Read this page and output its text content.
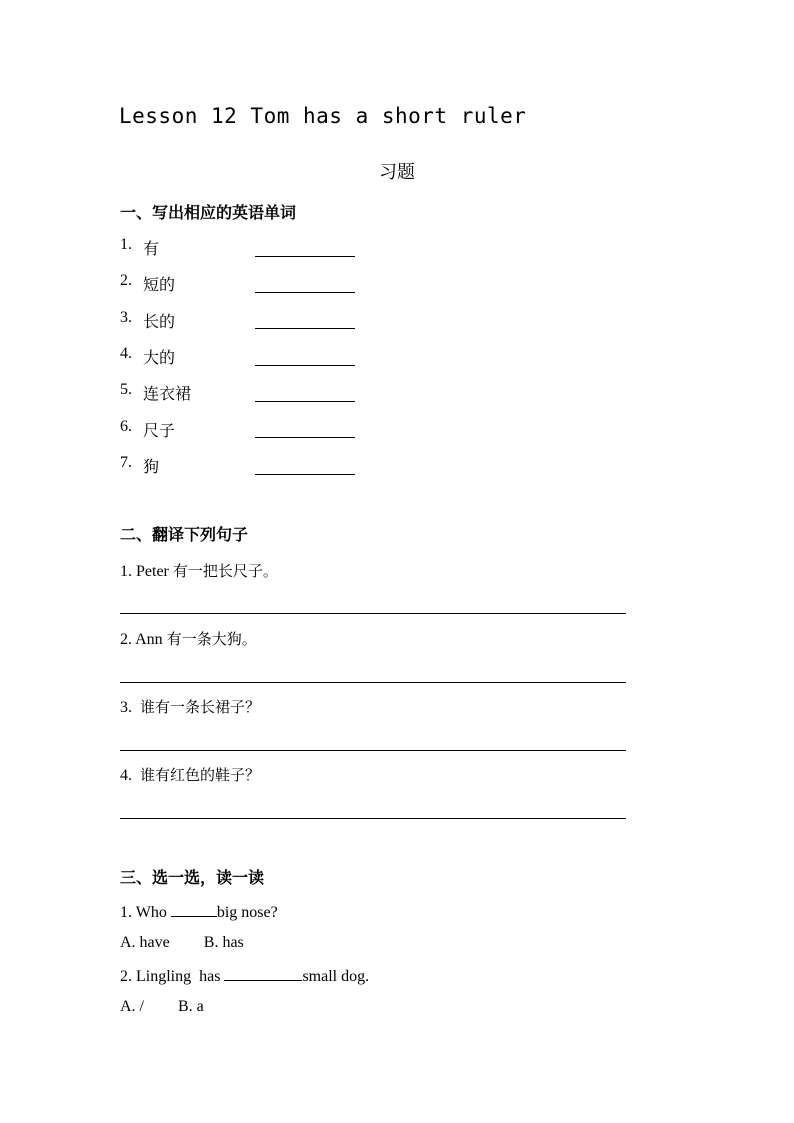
Lesson 12 Tom has a short ruler
习题
一、写出相应的英语单词
1. 有
2. 短的
3. 长的
4. 大的
5. 连衣裙
6. 尺子
7. 狗
二、翻译下列句子
1. Peter 有一把长尺子。
2. Ann 有一条大狗。
3. 谁有一条长裙子？
4. 谁有红色的鞋子？
三、选一选，读一读
1. Who	big nose?
A. have B. has
2. Lingling  has	small dog.
A. / B. a
